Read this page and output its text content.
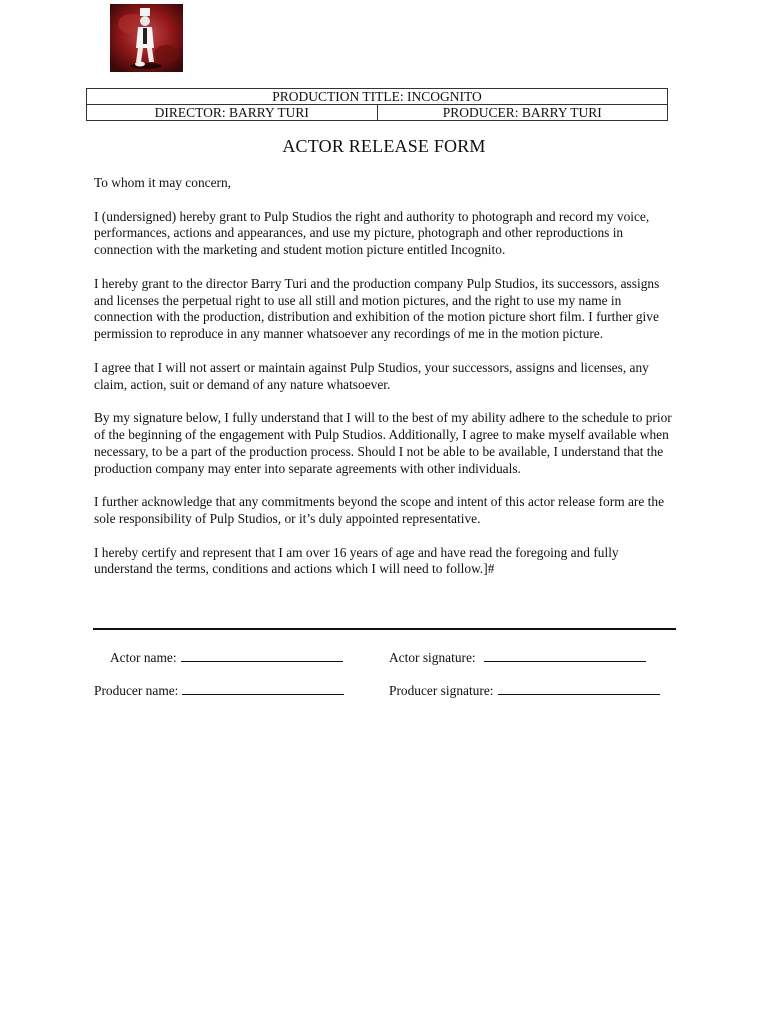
PRODUCTION TITLE: INCOGNITO
DIRECTOR: BARRY TURI	PRODUCER: BARRY TURI
ACTOR RELEASE FORM

To whom it may concern,

I (undersigned) hereby grant to Pulp Studios the right and authority to photograph and record my voice, performances, actions and appearances, and use my picture, photograph and other reproductions in connection with the marketing and student motion picture entitled Incognito.

I hereby grant to the director Barry Turi and the production company Pulp Studios, its successors, assigns and licenses the perpetual right to use all still and motion pictures, and the right to use my name in connection with the production, distribution and exhibition of the motion picture short film. I further give permission to reproduce in any manner whatsoever any recordings of me in the motion picture.

I agree that I will not assert or maintain against Pulp Studios, your successors, assigns and licenses, any claim, action, suit or demand of any nature whatsoever.

By my signature below, I fully understand that I will to the best of my ability adhere to the schedule to prior of the beginning of the engagement with Pulp Studios. Additionally, I agree to make myself available when necessary, to be a part of the production process. Should I not be able to be available, I understand that the production company may enter into separate agreements with other individuals.

I further acknowledge that any commitments beyond the scope and intent of this actor release form are the sole responsibility of Pulp Studios, or it’s duly appointed representative.

I hereby certify and represent that I am over 16 years of age and have read the foregoing and fully understand the terms, conditions and actions which I will need to follow.]#

Actor name:	Actor signature:
Producer name:	Producer signature:
